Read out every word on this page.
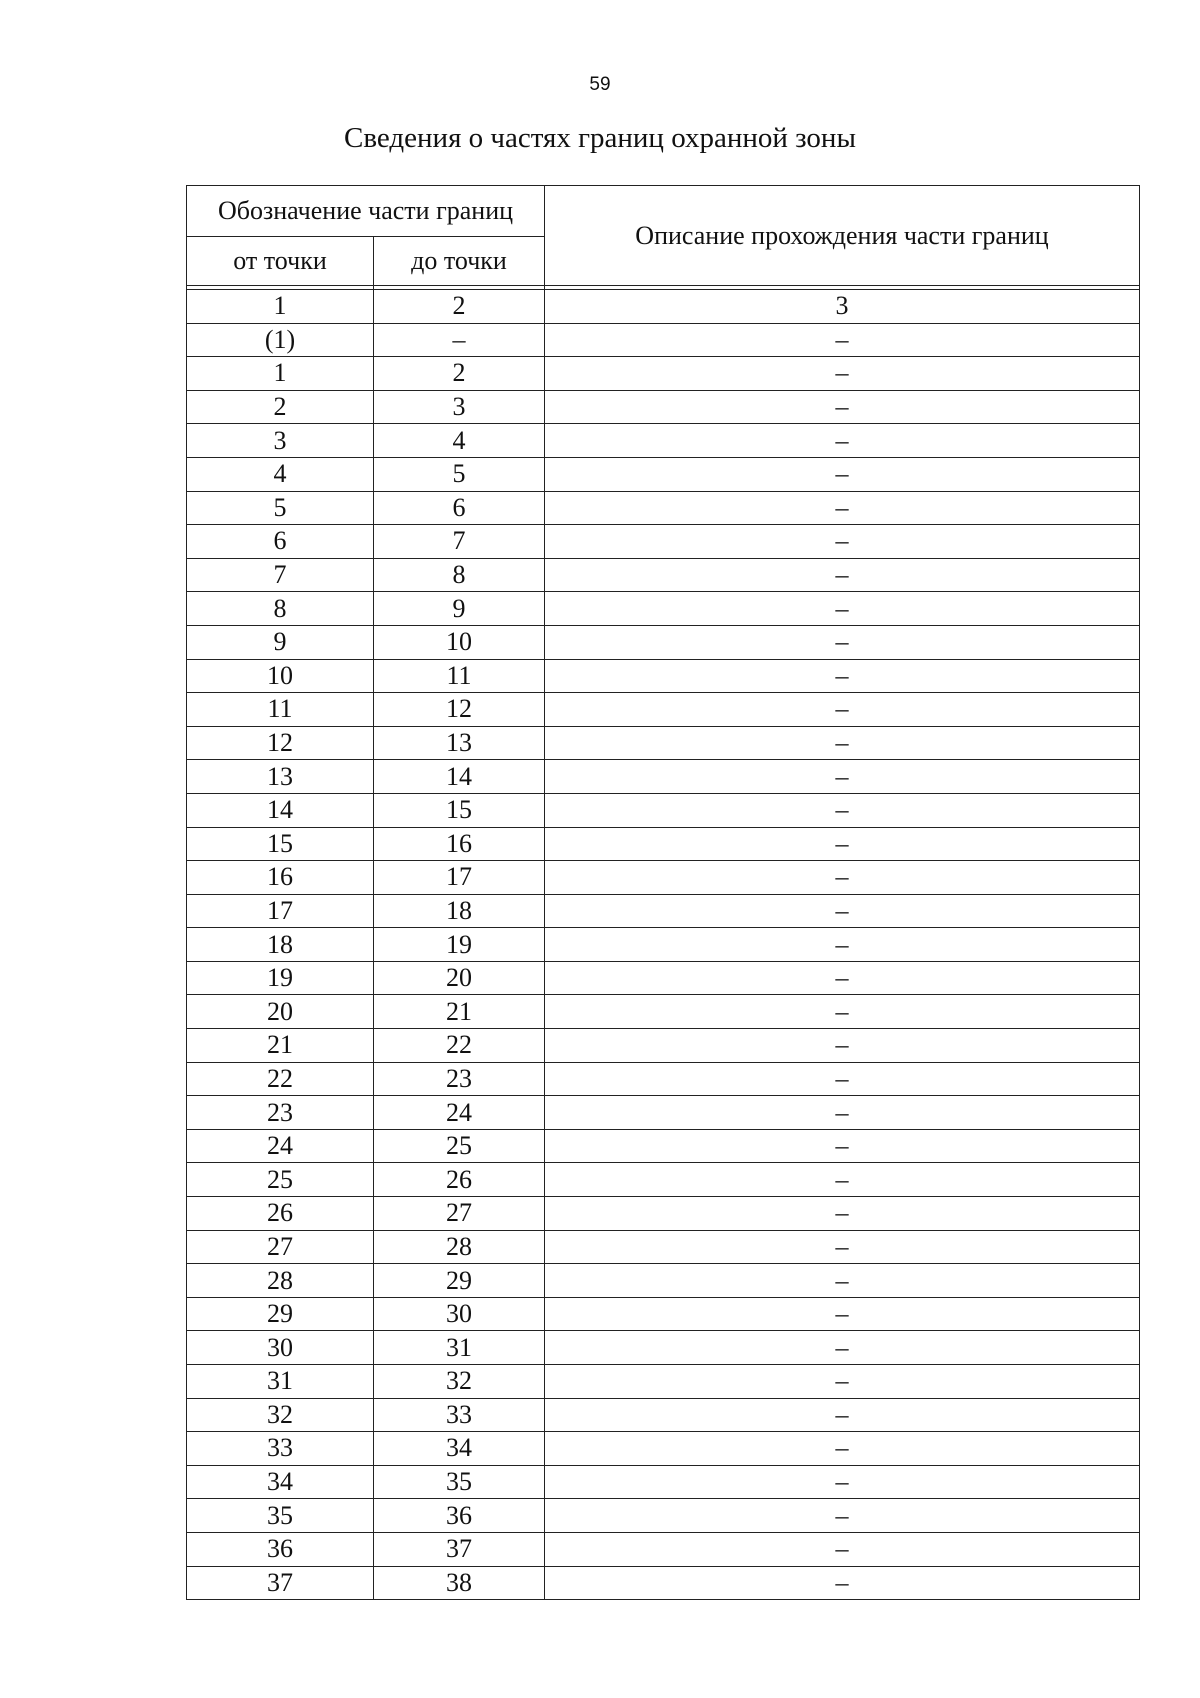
59
Сведения о частях границ охранной зоны
Обозначение части границ		Описание прохождения части границ
от точки	до точки	

1	2	3
(1)	–	–
1	2	–
2	3	–
3	4	–
4	5	–
5	6	–
6	7	–
7	8	–
8	9	–
9	10	–
10	11	–
11	12	–
12	13	–
13	14	–
14	15	–
15	16	–
16	17	–
17	18	–
18	19	–
19	20	–
20	21	–
21	22	–
22	23	–
23	24	–
24	25	–
25	26	–
26	27	–
27	28	–
28	29	–
29	30	–
30	31	–
31	32	–
32	33	–
33	34	–
34	35	–
35	36	–
36	37	–
37	38	–
